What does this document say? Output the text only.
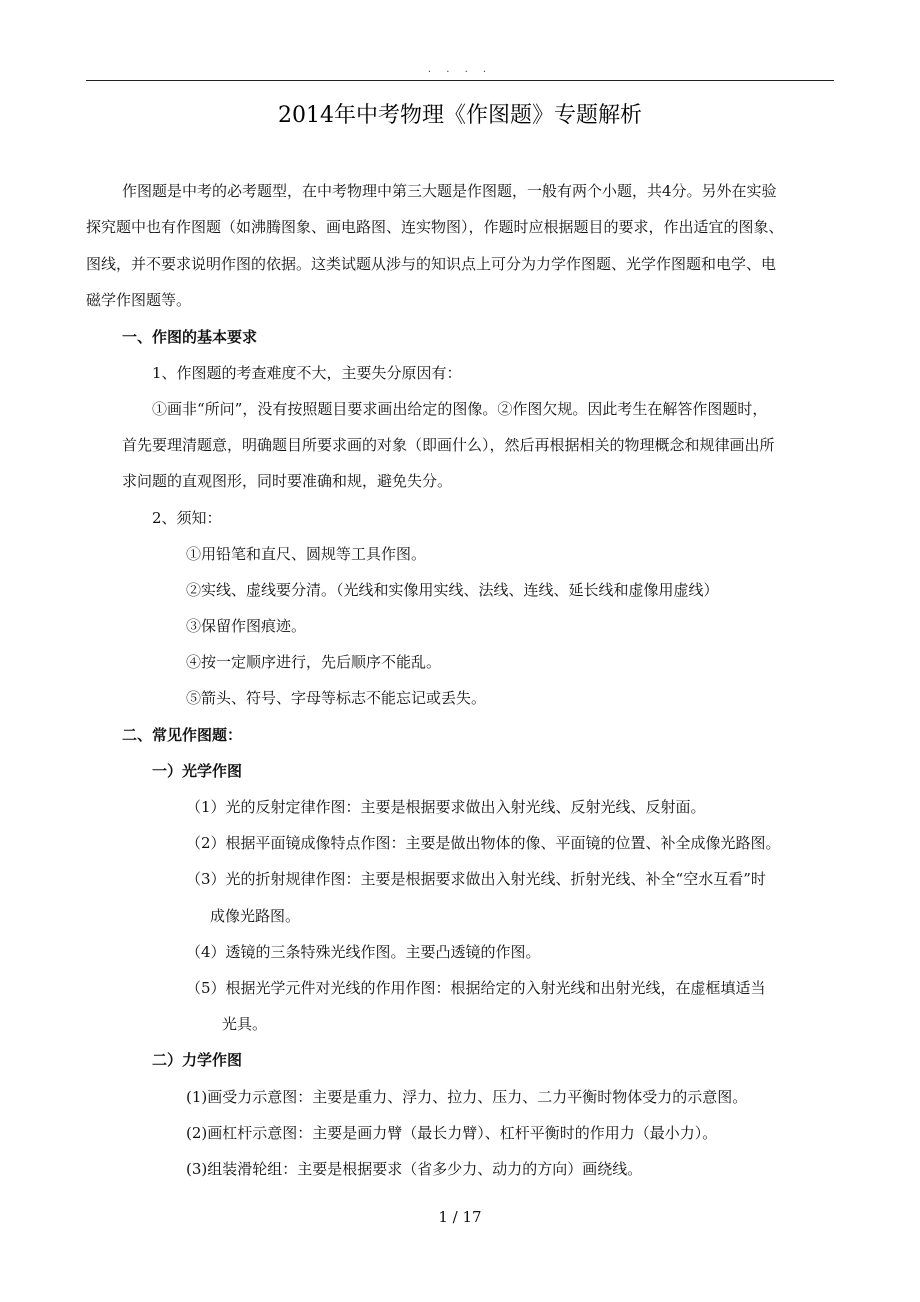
. . . .
2014年中考物理《作图题》专题解析
作图题是中考的必考题型，在中考物理中第三大题是作图题，一般有两个小题，共4分。另外在实验
探究题中也有作图题（如沸腾图象、画电路图、连实物图），作题时应根据题目的要求，作出适宜的图象、
图线，并不要求说明作图的依据。这类试题从涉与的知识点上可分为力学作图题、光学作图题和电学、电
磁学作图题等。
一、作图的基本要求
1、作图题的考查难度不大，主要失分原因有：
①画非“所问”，没有按照题目要求画出给定的图像。②作图欠规。因此考生在解答作图题时，
首先要理清题意，明确题目所要求画的对象（即画什么），然后再根据相关的物理概念和规律画出所
求问题的直观图形，同时要准确和规，避免失分。
2、须知：
①用铅笔和直尺、圆规等工具作图。
②实线、虚线要分清。（光线和实像用实线、法线、连线、延长线和虚像用虚线）
③保留作图痕迹。
④按一定顺序进行，先后顺序不能乱。
⑤箭头、符号、字母等标志不能忘记或丢失。
二、常见作图题：
一）光学作图
（1）光的反射定律作图：主要是根据要求做出入射光线、反射光线、反射面。
（2）根据平面镜成像特点作图：主要是做出物体的像、平面镜的位置、补全成像光路图。
（3）光的折射规律作图：主要是根据要求做出入射光线、折射光线、补全“空水互看”时
成像光路图。
（4）透镜的三条特殊光线作图。主要凸透镜的作图。
（5）根据光学元件对光线的作用作图：根据给定的入射光线和出射光线，在虚框填适当
光具。
二）力学作图
(1)画受力示意图：主要是重力、浮力、拉力、压力、二力平衡时物体受力的示意图。
(2)画杠杆示意图：主要是画力臂（最长力臂）、杠杆平衡时的作用力（最小力）。
(3)组装滑轮组：主要是根据要求（省多少力、动力的方向）画绕线。
1 / 17
